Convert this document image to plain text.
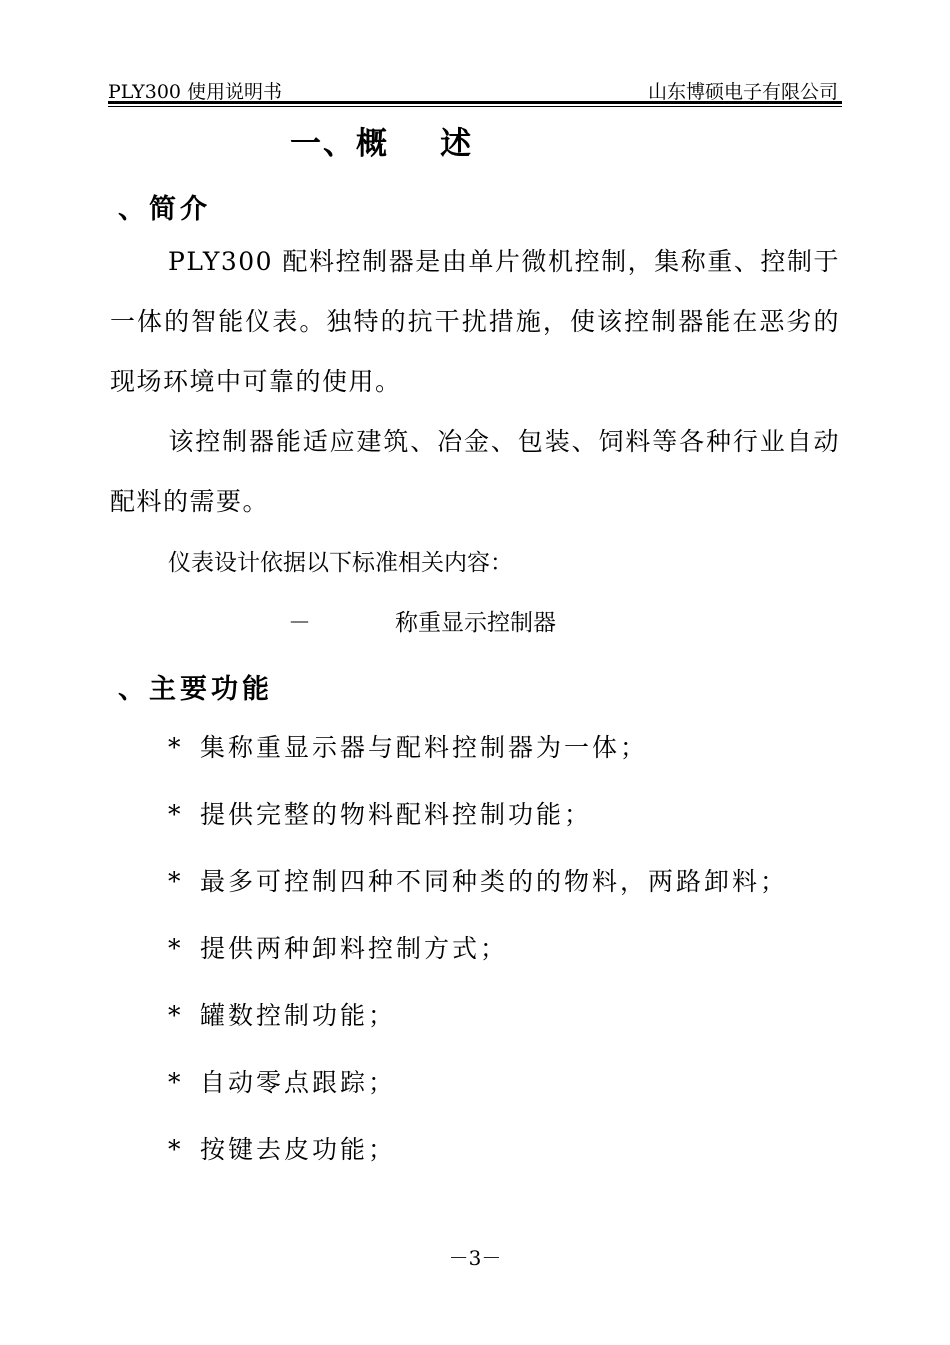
PLY300 使用说明书	山东博硕电子有限公司
一、概    述
、简介
PLY300 配料控制器是由单片微机控制，集称重、控制于一体的智能仪表。独特的抗干扰措施，使该控制器能在恶劣的现场环境中可靠的使用。
该控制器能适应建筑、冶金、包装、饲料等各种行业自动配料的需要。
仪表设计依据以下标准相关内容：
－	称重显示控制器
、主要功能
* 集称重显示器与配料控制器为一体；
* 提供完整的物料配料控制功能；
* 最多可控制四种不同种类的的物料，两路卸料；
* 提供两种卸料控制方式；
* 罐数控制功能；
* 自动零点跟踪；
* 按键去皮功能；
－3－
